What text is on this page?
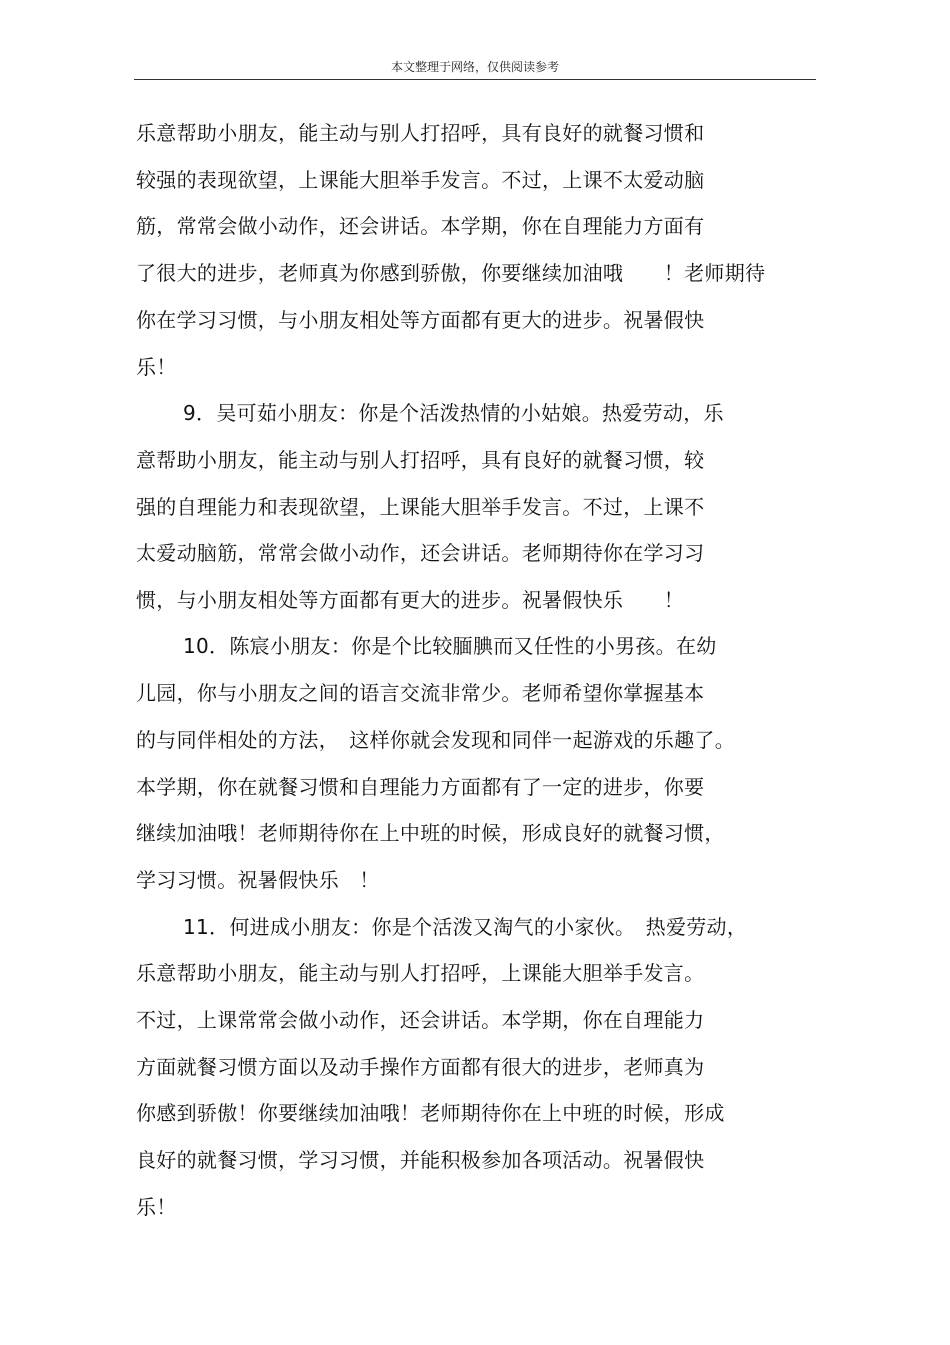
本文整理于网络，仅供阅读参考
乐意帮助小朋友，能主动与别人打招呼，具有良好的就餐习惯和
较强的表现欲望，上课能大胆举手发言。不过，上课不太爱动脑
筋，常常会做小动作，还会讲话。本学期，你在自理能力方面有
了很大的进步，老师真为你感到骄傲，你要继续加油哦　　！老师期待
你在学习习惯，与小朋友相处等方面都有更大的进步。祝暑假快
乐！
9．吴可茹小朋友：你是个活泼热情的小姑娘。热爱劳动，乐
意帮助小朋友，能主动与别人打招呼，具有良好的就餐习惯，较
强的自理能力和表现欲望，上课能大胆举手发言。不过，上课不
太爱动脑筋，常常会做小动作，还会讲话。老师期待你在学习习
惯，与小朋友相处等方面都有更大的进步。祝暑假快乐　　！
10．陈宸小朋友：你是个比较腼腆而又任性的小男孩。在幼
儿园，你与小朋友之间的语言交流非常少。老师希望你掌握基本
的与同伴相处的方法，　这样你就会发现和同伴一起游戏的乐趣了。
本学期，你在就餐习惯和自理能力方面都有了一定的进步，你要
继续加油哦！老师期待你在上中班的时候，形成良好的就餐习惯，
学习习惯。祝暑假快乐　！
11．何进成小朋友：你是个活泼又淘气的小家伙。　热爱劳动，
乐意帮助小朋友，能主动与别人打招呼，上课能大胆举手发言。
不过，上课常常会做小动作，还会讲话。本学期，你在自理能力
方面就餐习惯方面以及动手操作方面都有很大的进步，老师真为
你感到骄傲！你要继续加油哦！老师期待你在上中班的时候，形成
良好的就餐习惯，学习习惯，并能积极参加各项活动。祝暑假快
乐！
